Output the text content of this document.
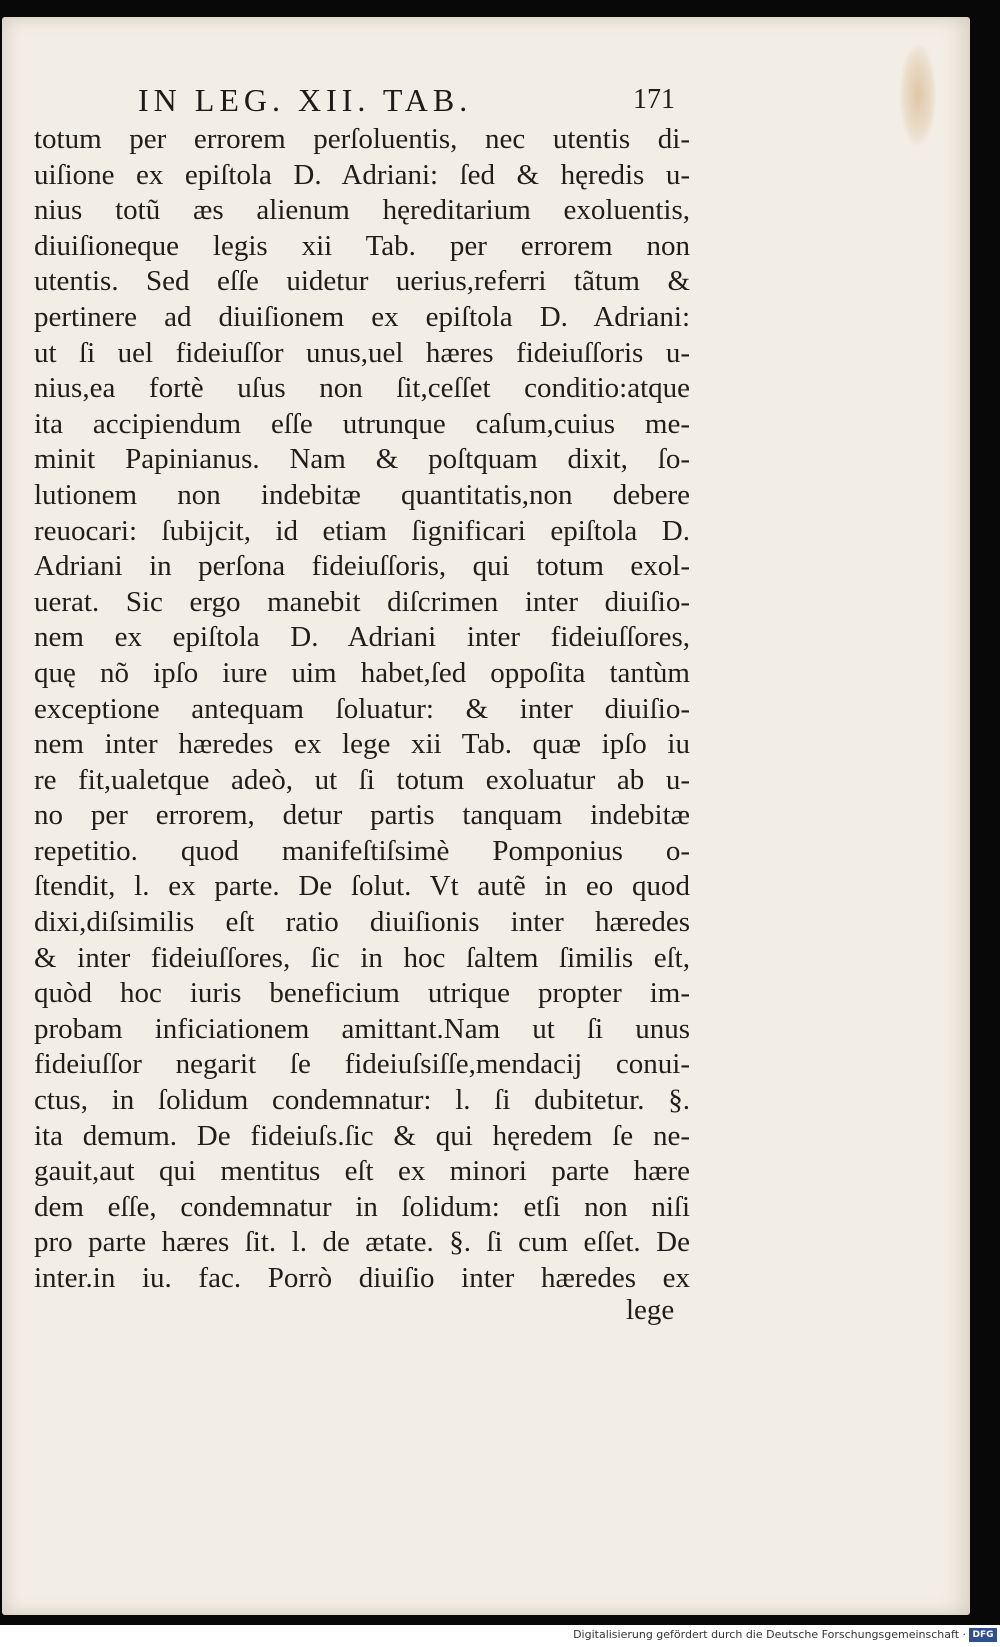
IN LEG. XII. TAB.	171
totum per errorem perſoluentis, nec utentis di-
uiſione ex epiſtola D. Adriani: ſed & hęredis u-
nius totũ æs alienum hęreditarium exoluentis,
diuiſioneque legis xii Tab. per errorem non
utentis. Sed eſſe uidetur uerius,referri tãtum &
pertinere ad diuiſionem ex epiſtola D. Adriani:
ut ſi uel fideiuſſor unus,uel hæres fideiuſſoris u-
nius,ea fortè uſus non ſit,ceſſet conditio:atque
ita accipiendum eſſe utrunque caſum,cuius me-
minit Papinianus. Nam & poſtquam dixit, ſo-
lutionem non indebitæ quantitatis,non debere
reuocari: ſubijcit, id etiam ſignificari epiſtola D.
Adriani in perſona fideiuſſoris, qui totum exol-
uerat. Sic ergo manebit diſcrimen inter diuiſio-
nem ex epiſtola D. Adriani inter fideiuſſores,
quę nõ ipſo iure uim habet,ſed oppoſita tantùm
exceptione antequam ſoluatur: & inter diuiſio-
nem inter hæredes ex lege xii Tab. quæ ipſo iu
re fit,ualetque adeò, ut ſi totum exoluatur ab u-
no per errorem, detur partis tanquam indebitæ
repetitio. quod manifeſtiſsimè Pomponius o-
ſtendit, l. ex parte. De ſolut. Vt autẽ in eo quod
dixi,diſsimilis eſt ratio diuiſionis inter hæredes
& inter fideiuſſores, ſic in hoc ſaltem ſimilis eſt,
quòd hoc iuris beneficium utrique propter im-
probam inficiationem amittant.Nam ut ſi unus
fideiuſſor negarit ſe fideiuſsiſſe,mendacij conui-
ctus, in ſolidum condemnatur: l. ſi dubitetur. §.
ita demum. De fideiuſs.ſic & qui hęredem ſe ne-
gauit,aut qui mentitus eſt ex minori parte hære
dem eſſe, condemnatur in ſolidum: etſi non niſi
pro parte hæres ſit. l. de ætate. §. ſi cum eſſet. De
inter.in iu. fac. Porrò diuiſio inter hæredes ex
lege
Digitalisierung gefördert durch die Deutsche Forschungsgemeinschaft · DFG
